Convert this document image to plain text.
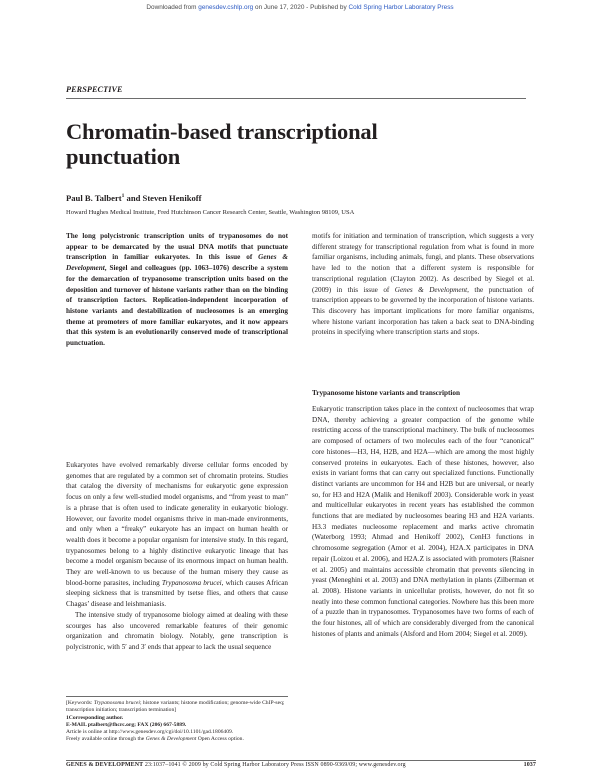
Downloaded from genesdev.cshlp.org on June 17, 2020 - Published by Cold Spring Harbor Laboratory Press
PERSPECTIVE
Chromatin-based transcriptional punctuation
Paul B. Talbert$^1$ and Steven Henikoff
Howard Hughes Medical Institute, Fred Hutchinson Cancer Research Center, Seattle, Washington 98109, USA
The long polycistronic transcription units of trypanosomes do not appear to be demarcated by the usual DNA motifs that punctuate transcription in familiar eukaryotes. In this issue of Genes & Development, Siegel and colleagues (pp. 1063–1076) describe a system for the demarcation of trypanosome transcription units based on the deposition and turnover of histone variants rather than on the binding of transcription factors. Replication-independent incorporation of histone variants and destabilization of nucleosomes is an emerging theme at promoters of more familiar eukaryotes, and it now appears that this system is an evolutionarily conserved mode of transcriptional punctuation.

Eukaryotes have evolved remarkably diverse cellular forms encoded by genomes that are regulated by a common set of chromatin proteins. Studies that catalog the diversity of mechanisms for eukaryotic gene expression focus on only a few well-studied model organisms, and “from yeast to man” is a phrase that is often used to indicate generality in eukaryotic biology. However, our favorite model organisms thrive in man-made environments, and only when a “freaky” eukaryote has an impact on human health or wealth does it become a popular organism for intensive study. In this regard, trypanosomes belong to a highly distinctive eukaryotic lineage that has become a model organism because of its enormous impact on human health. They are well-known to us because of the human misery they cause as blood-borne parasites, including Trypanosoma brucei, which causes African sleeping sickness that is transmitted by tsetse flies, and others that cause Chagas’ disease and leishmaniasis.

The intensive study of trypanosome biology aimed at dealing with these scourges has also uncovered remarkable features of their genomic organization and chromatin biology. Notably, gene transcription is polycistronic, with 5′ and 3′ ends that appear to lack the usual sequence

motifs for initiation and termination of transcription, which suggests a very different strategy for transcriptional regulation from what is found in more familiar organisms, including animals, fungi, and plants. These observations have led to the notion that a different system is responsible for transcriptional regulation (Clayton 2002). As described by Siegel et al. (2009) in this issue of Genes & Development, the punctuation of transcription appears to be governed by the incorporation of histone variants. This discovery has important implications for more familiar organisms, where histone variant incorporation has taken a back seat to DNA-binding proteins in specifying where transcription starts and stops.
Trypanosome histone variants and transcription
Eukaryotic transcription takes place in the context of nucleosomes that wrap DNA, thereby achieving a greater compaction of the genome while restricting access of the transcriptional machinery. The bulk of nucleosomes are composed of octamers of two molecules each of the four “canonical” core histones—H3, H4, H2B, and H2A—which are among the most highly conserved proteins in eukaryotes. Each of these histones, however, also exists in variant forms that can carry out specialized functions. Functionally distinct variants are uncommon for H4 and H2B but are universal, or nearly so, for H3 and H2A (Malik and Henikoff 2003). Considerable work in yeast and multicellular eukaryotes in recent years has established the common functions that are mediated by nucleosomes bearing H3 and H2A variants. H3.3 mediates nucleosome replacement and marks active chromatin (Waterborg 1993; Ahmad and Henikoff 2002), CenH3 functions in chromosome segregation (Amor et al. 2004), H2A.X participates in DNA repair (Loizou et al. 2006), and H2A.Z is associated with promoters (Raisner et al. 2005) and maintains accessible chromatin that prevents silencing in yeast (Meneghini et al. 2003) and DNA methylation in plants (Zilberman et al. 2008). Histone variants in unicellular protists, however, do not fit so neatly into these common functional categories. Nowhere has this been more of a puzzle than in trypanosomes. Trypanosomes have two forms of each of the four histones, all of which are considerably diverged from the canonical histones of plants and animals (Alsford and Horn 2004; Siegel et al. 2009).
[Keywords: Trypanosoma brucei; histone variants; histone modification; genome-wide ChIP-seq; transcription initiation; transcription termination]
1Corresponding author.
E-MAIL ptalbert@fhcrc.org; FAX (206) 667-5889.
Article is online at http://www.genesdev.org/cgi/doi/10.1101/gad.1806409.
Freely available online through the Genes & Development Open Access option.
GENES & DEVELOPMENT 23:1037–1041 © 2009 by Cold Spring Harbor Laboratory Press ISSN 0890-9369/09; www.genesdev.org	1037
